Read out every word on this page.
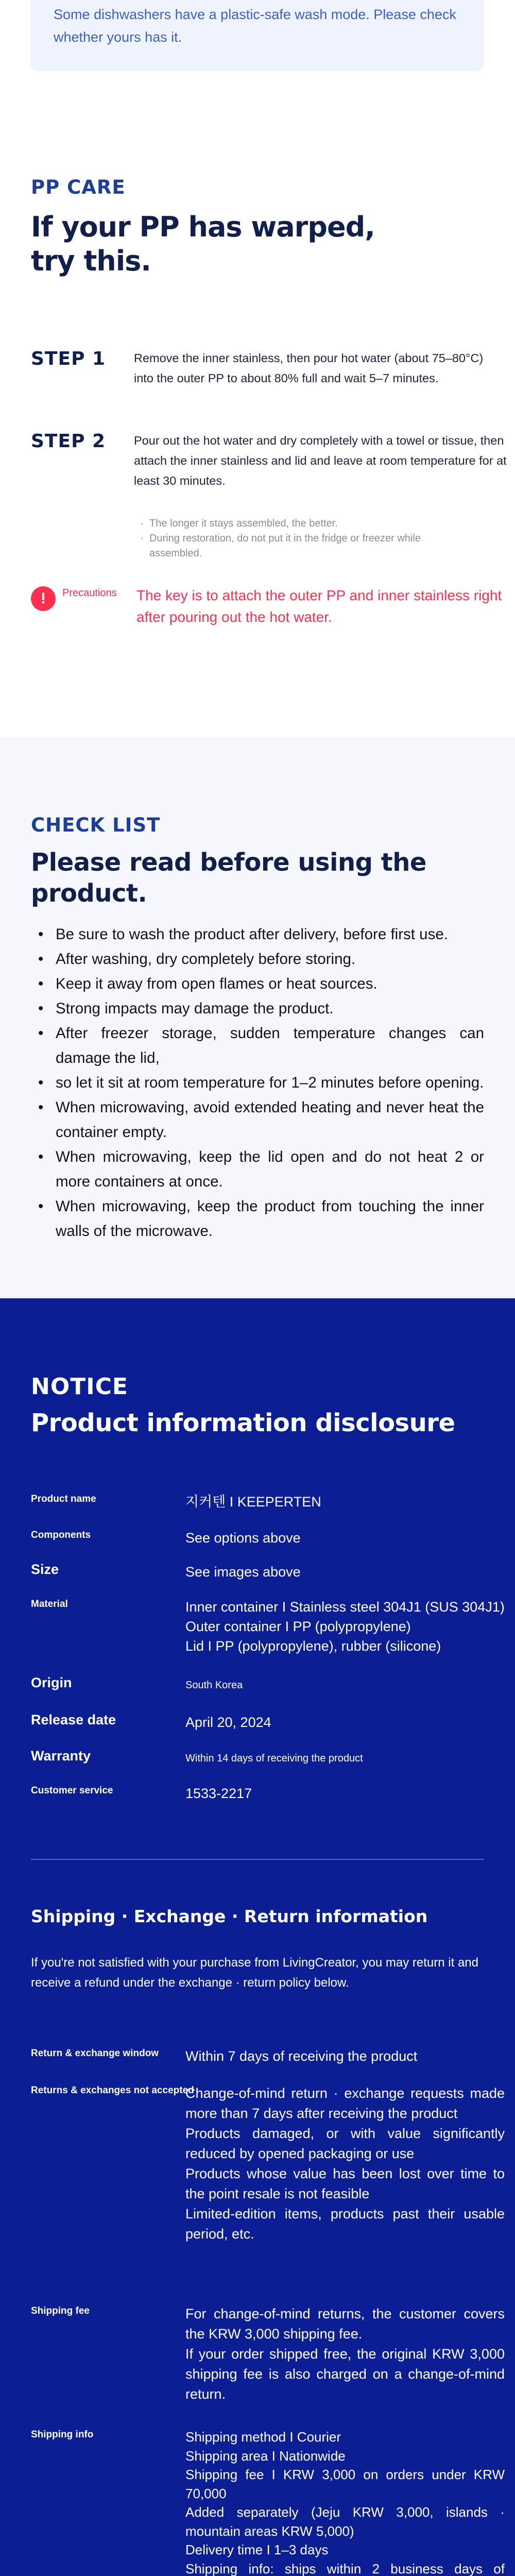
Some dishwashers have a plastic-safe wash mode. Please check whether yours has it.

PP CARE
If your PP has warped,
try this.
STEP 1 Remove the inner stainless, then pour hot water (about 75–80°C)
into the outer PP to about 80% full and wait 5–7 minutes.
STEP 2 Pour out the hot water and dry completely with a towel or tissue, then attach the inner stainless and lid and leave at room temperature for at least 30 minutes.
· The longer it stays assembled, the better.
· During restoration, do not put it in the fridge or freezer while assembled.
!	Precautions The key is to attach the outer PP and inner stainless right after pouring out the hot water.
CHECK LIST
Please read before using the product.
• Be sure to wash the product after delivery, before first use.
• After washing, dry completely before storing.
• Keep it away from open flames or heat sources.
• Strong impacts may damage the product.
• After freezer storage, sudden temperature changes can damage the lid,
• so let it sit at room temperature for 1–2 minutes before opening.
• When microwaving, avoid extended heating and never heat the container empty.
• When microwaving, keep the lid open and do not heat 2 or more containers at once.
• When microwaving, keep the product from touching the inner walls of the microwave.
NOTICE
Product information disclosure
Product name	지커텐 I KEEPERTEN
Components	See options above
Size	See images above
Material	Inner container I Stainless steel 304J1 (SUS 304J1)
Outer container I PP (polypropylene)
Lid I PP (polypropylene), rubber (silicone)
Origin	South Korea
Release date	April 20, 2024
Warranty	Within 14 days of receiving the product
Customer service	1533-2217
Shipping · Exchange · Return information

If you're not satisfied with your purchase from LivingCreator, you may return it and receive a refund under the exchange · return policy below.

Return & exchange window	Within 7 days of receiving the product
Returns & exchanges not accepted
Change-of-mind return · exchange requests made more than 7 days after receiving the product
Products damaged, or with value significantly reduced by opened packaging or use
Products whose value has been lost over time to the point resale is not feasible
Limited-edition items, products past their usable period, etc.
Shipping fee	For change-of-mind returns, the customer covers the KRW 3,000 shipping fee.
If your order shipped free, the original KRW 3,000 shipping fee is also charged on a change-of-mind return.
Shipping info	Shipping method I Courier
Shipping area I Nationwide
Shipping fee I KRW 3,000 on orders under KRW 70,000
Added separately (Jeju KRW 3,000, islands · mountain areas KRW 5,000)
Delivery time I 1–3 days
Shipping info: ships within 2 business days of
